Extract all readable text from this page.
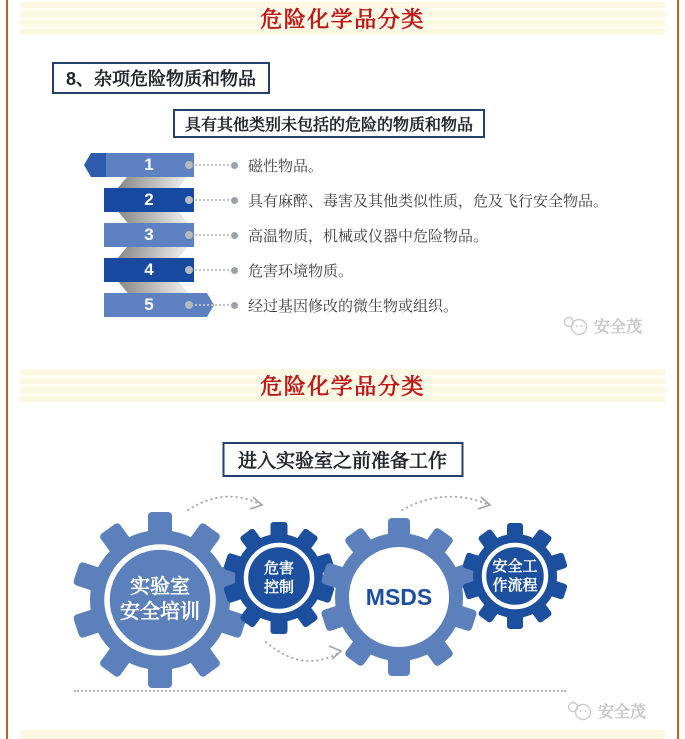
危险化学品分类
8、杂项危险物质和物品
具有其他类别未包括的危险的物质和物品
1	磁性物品。
2	具有麻醉、毒害及其他类似性质，危及飞行安全物品。
3	高温物质，机械或仪器中危险物品。
4	危害环境物质。
5	经过基因修改的微生物或组织。
安全茂
危险化学品分类
进入实验室之前准备工作
实验室
安全培训
危害
控制	MSDS
安全工
作流程
安全茂
